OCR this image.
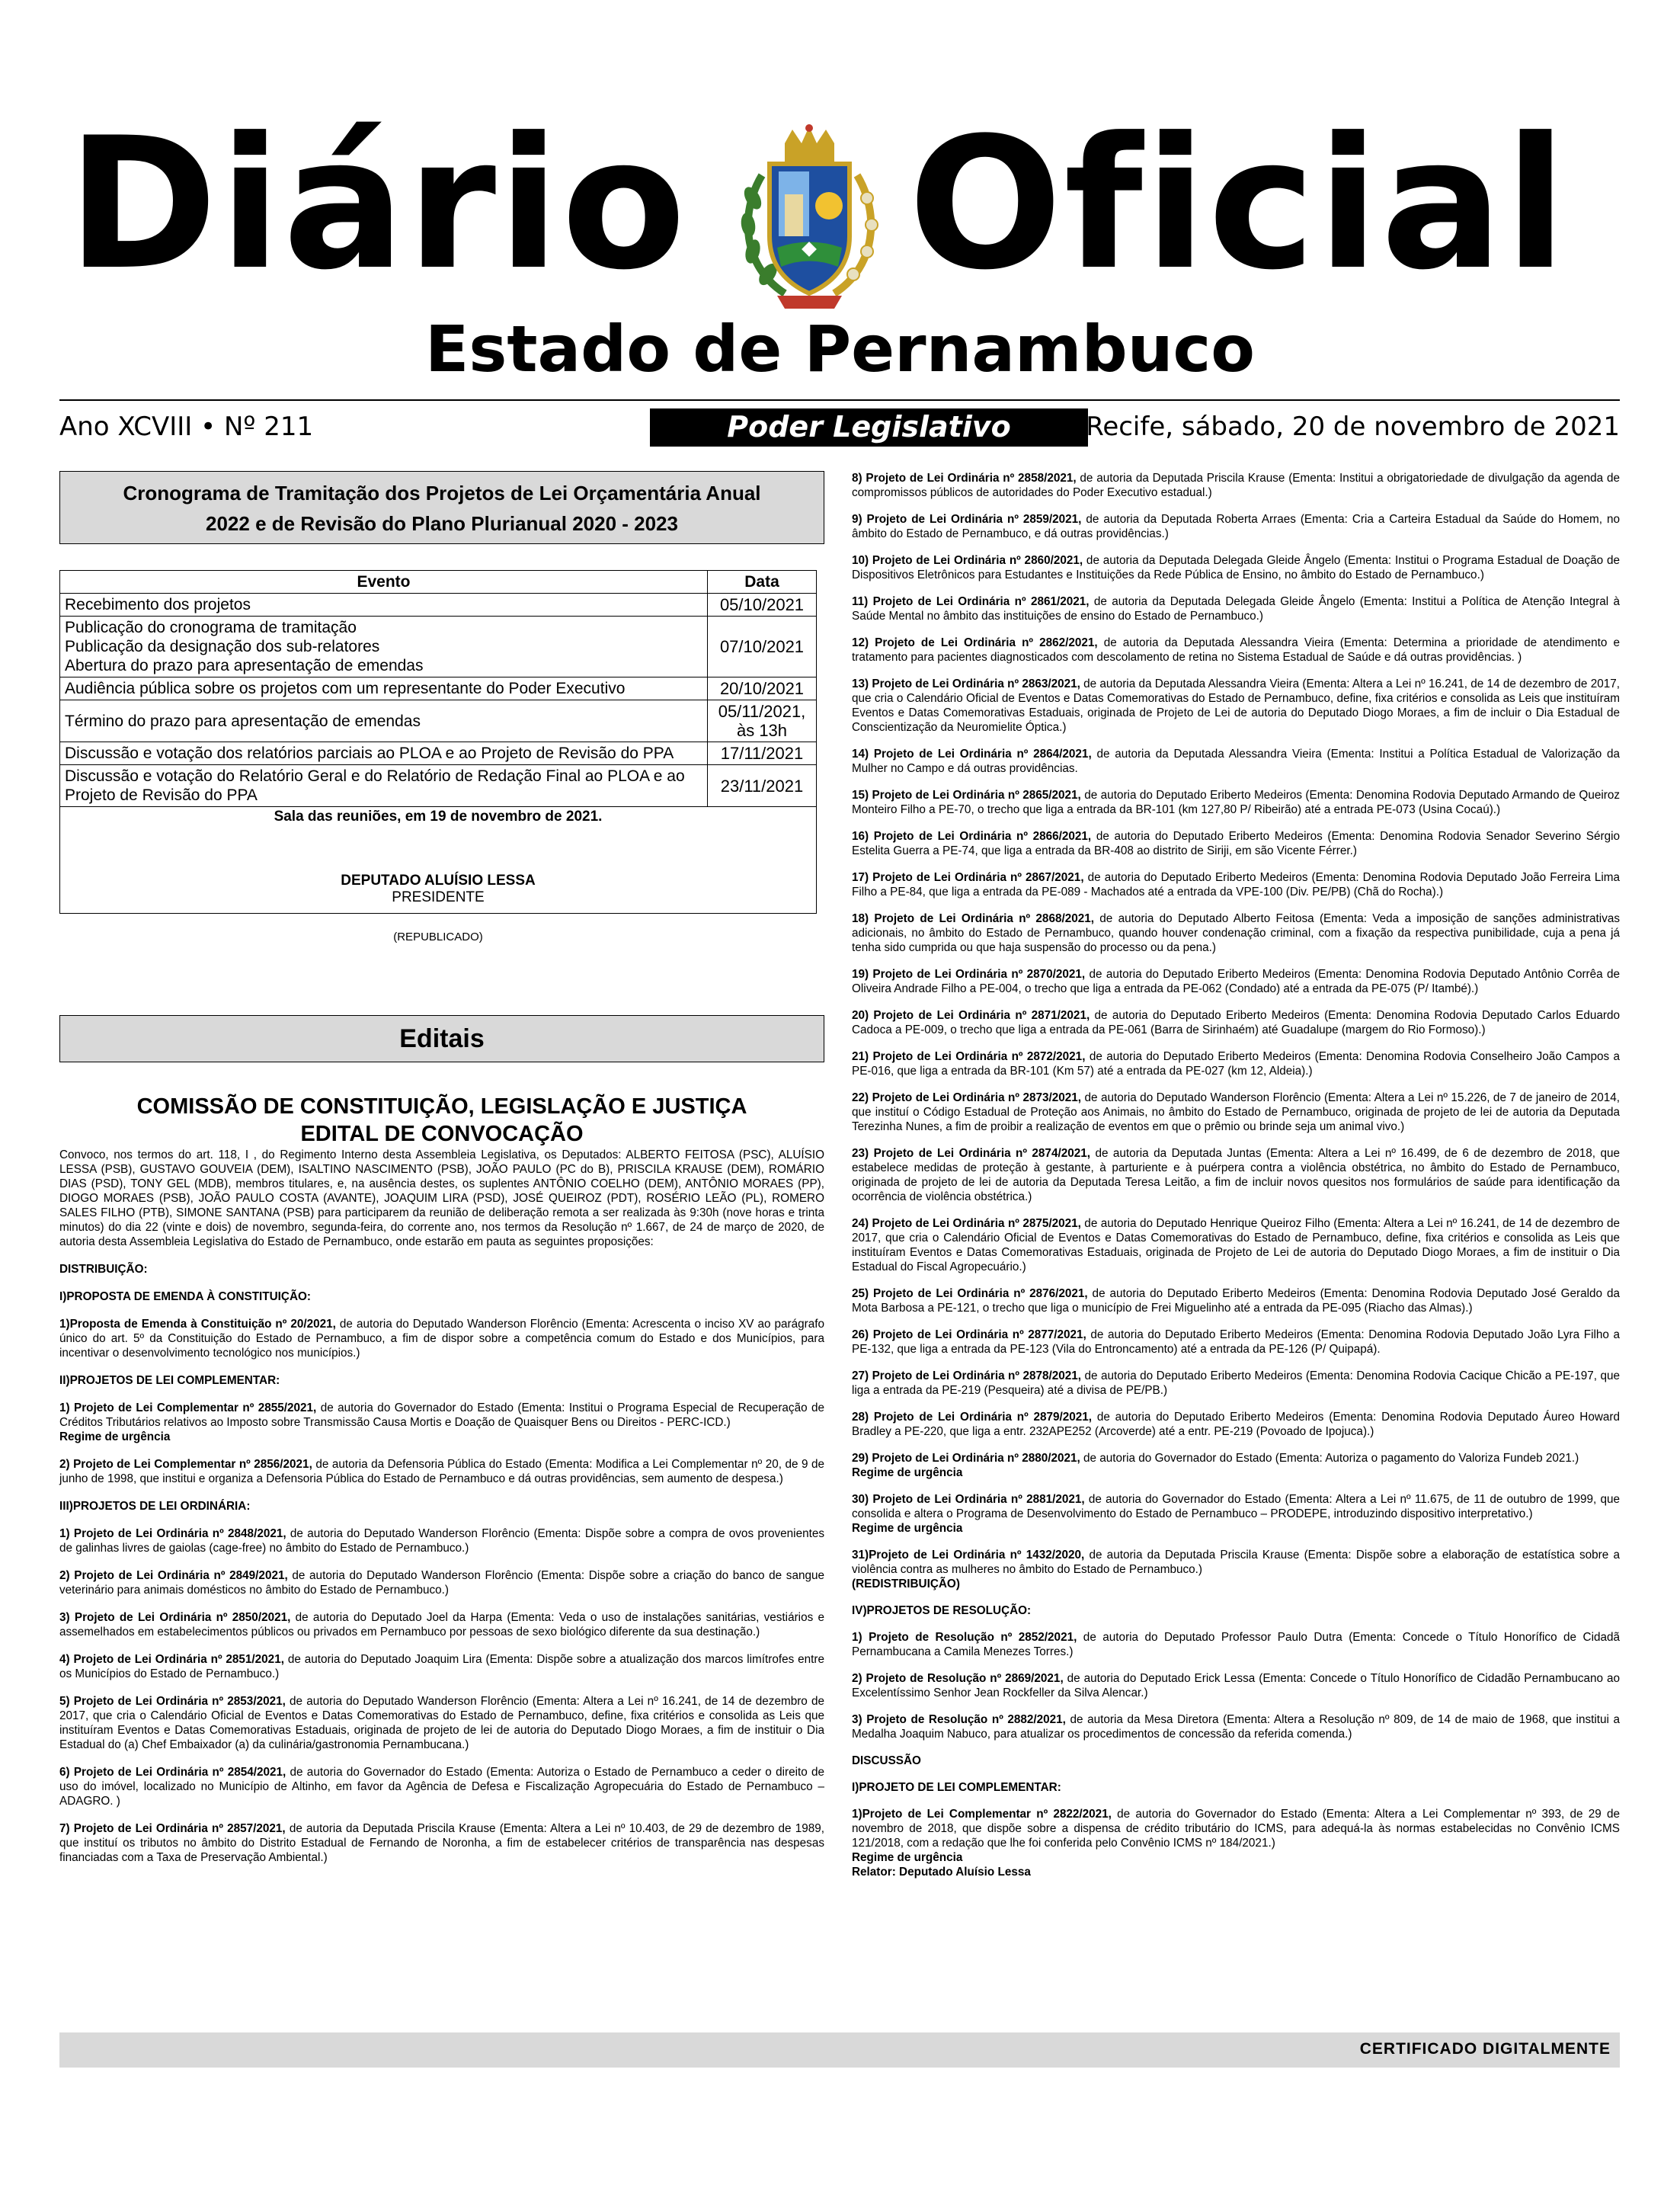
Diário Oficial
Estado de Pernambuco
Ano XCVIII • Nº 211	Poder Legislativo	Recife, sábado, 20 de novembro de 2021
Cronograma de Tramitação dos Projetos de Lei Orçamentária Anual
2022 e de Revisão do Plano Plurianual 2020 - 2023
Evento	Data

Recebimento dos projetos	05/10/2021

Publicação do cronograma de tramitação
Publicação da designação dos sub-relatores
Abertura do prazo para apresentação de emendas	07/10/2021

Audiência pública sobre os projetos com um representante do Poder Executivo	20/10/2021

Término do prazo para apresentação de emendas	05/11/2021,
às 13h

Discussão e votação dos relatórios parciais ao PLOA e ao Projeto de Revisão do PPA	17/11/2021

Discussão e votação do Relatório Geral e do Relatório de Redação Final ao PLOA e ao
Projeto de Revisão do PPA	23/11/2021
Sala das reuniões, em 19 de novembro de 2021.
DEPUTADO ALUÍSIO LESSA
PRESIDENTE
(REPUBLICADO)
Editais
COMISSÃO DE CONSTITUIÇÃO, LEGISLAÇÃO E JUSTIÇA
EDITAL DE CONVOCAÇÃO

Convoco, nos termos do art. 118, I , do Regimento Interno desta Assembleia Legislativa, os Deputados: ALBERTO FEITOSA (PSC), ALUÍSIO LESSA (PSB), GUSTAVO GOUVEIA (DEM), ISALTINO NASCIMENTO (PSB), JOÃO PAULO (PC do B), PRISCILA KRAUSE (DEM), ROMÁRIO DIAS (PSD), TONY GEL (MDB), membros titulares, e, na ausência destes, os suplentes ANTÔNIO COELHO (DEM), ANTÔNIO MORAES (PP), DIOGO MORAES (PSB), JOÃO PAULO COSTA (AVANTE), JOAQUIM LIRA (PSD), JOSÉ QUEIROZ (PDT), ROSÉRIO LEÃO (PL), ROMERO SALES FILHO (PTB), SIMONE SANTANA (PSB) para participarem da reunião de deliberação remota a ser realizada às 9:30h (nove horas e trinta minutos) do dia 22 (vinte e dois) de novembro, segunda-feira, do corrente ano, nos termos da Resolução nº 1.667, de 24 de março de 2020, de autoria desta Assembleia Legislativa do Estado de Pernambuco, onde estarão em pauta as seguintes proposições:

DISTRIBUIÇÃO:

I)PROPOSTA DE EMENDA À CONSTITUIÇÃO:

1)Proposta de Emenda à Constituição nº 20/2021, de autoria do Deputado Wanderson Florêncio (Ementa: Acrescenta o inciso XV ao parágrafo único do art. 5º da Constituição do Estado de Pernambuco, a fim de dispor sobre a competência comum do Estado e dos Municípios, para incentivar o desenvolvimento tecnológico nos municípios.)

II)PROJETOS DE LEI COMPLEMENTAR:

1) Projeto de Lei Complementar nº 2855/2021, de autoria do Governador do Estado (Ementa: Institui o Programa Especial de Recuperação de Créditos Tributários relativos ao Imposto sobre Transmissão Causa Mortis e Doação de Quaisquer Bens ou Direitos - PERC-ICD.)
Regime de urgência

2) Projeto de Lei Complementar nº 2856/2021, de autoria da Defensoria Pública do Estado (Ementa: Modifica a Lei Complementar nº 20, de 9 de junho de 1998, que institui e organiza a Defensoria Pública do Estado de Pernambuco e dá outras providências, sem aumento de despesa.)

III)PROJETOS DE LEI ORDINÁRIA:

1) Projeto de Lei Ordinária nº 2848/2021, de autoria do Deputado Wanderson Florêncio (Ementa: Dispõe sobre a compra de ovos provenientes de galinhas livres de gaiolas (cage-free) no âmbito do Estado de Pernambuco.)

2) Projeto de Lei Ordinária nº 2849/2021, de autoria do Deputado Wanderson Florêncio (Ementa: Dispõe sobre a criação do banco de sangue veterinário para animais domésticos no âmbito do Estado de Pernambuco.)

3) Projeto de Lei Ordinária nº 2850/2021, de autoria do Deputado Joel da Harpa (Ementa: Veda o uso de instalações sanitárias, vestiários e assemelhados em estabelecimentos públicos ou privados em Pernambuco por pessoas de sexo biológico diferente da sua destinação.)

4) Projeto de Lei Ordinária nº 2851/2021, de autoria do Deputado Joaquim Lira (Ementa: Dispõe sobre a atualização dos marcos limítrofes entre os Municípios do Estado de Pernambuco.)

5) Projeto de Lei Ordinária nº 2853/2021, de autoria do Deputado Wanderson Florêncio (Ementa: Altera a Lei nº 16.241, de 14 de dezembro de 2017, que cria o Calendário Oficial de Eventos e Datas Comemorativas do Estado de Pernambuco, define, fixa critérios e consolida as Leis que instituíram Eventos e Datas Comemorativas Estaduais, originada de projeto de lei de autoria do Deputado Diogo Moraes, a fim de instituir o Dia Estadual do (a) Chef Embaixador (a) da culinária/gastronomia Pernambucana.)

6) Projeto de Lei Ordinária nº 2854/2021, de autoria do Governador do Estado (Ementa: Autoriza o Estado de Pernambuco a ceder o direito de uso do imóvel, localizado no Município de Altinho, em favor da Agência de Defesa e Fiscalização Agropecuária do Estado de Pernambuco – ADAGRO. )

7) Projeto de Lei Ordinária nº 2857/2021, de autoria da Deputada Priscila Krause (Ementa: Altera a Lei nº 10.403, de 29 de dezembro de 1989, que instituí os tributos no âmbito do Distrito Estadual de Fernando de Noronha, a fim de estabelecer critérios de transparência nas despesas financiadas com a Taxa de Preservação Ambiental.)

8) Projeto de Lei Ordinária nº 2858/2021, de autoria da Deputada Priscila Krause (Ementa: Institui a obrigatoriedade de divulgação da agenda de compromissos públicos de autoridades do Poder Executivo estadual.)

9) Projeto de Lei Ordinária nº 2859/2021, de autoria da Deputada Roberta Arraes (Ementa: Cria a Carteira Estadual da Saúde do Homem, no âmbito do Estado de Pernambuco, e dá outras providências.)

10) Projeto de Lei Ordinária nº 2860/2021, de autoria da Deputada Delegada Gleide Ângelo (Ementa: Institui o Programa Estadual de Doação de Dispositivos Eletrônicos para Estudantes e Instituições da Rede Pública de Ensino, no âmbito do Estado de Pernambuco.)

11) Projeto de Lei Ordinária nº 2861/2021, de autoria da Deputada Delegada Gleide Ângelo (Ementa: Institui a Política de Atenção Integral à Saúde Mental no âmbito das instituições de ensino do Estado de Pernambuco.)

12) Projeto de Lei Ordinária nº 2862/2021, de autoria da Deputada Alessandra Vieira (Ementa: Determina a prioridade de atendimento e tratamento para pacientes diagnosticados com descolamento de retina no Sistema Estadual de Saúde e dá outras providências. )

13) Projeto de Lei Ordinária nº 2863/2021, de autoria da Deputada Alessandra Vieira (Ementa: Altera a Lei nº 16.241, de 14 de dezembro de 2017, que cria o Calendário Oficial de Eventos e Datas Comemorativas do Estado de Pernambuco, define, fixa critérios e consolida as Leis que instituíram Eventos e Datas Comemorativas Estaduais, originada de Projeto de Lei de autoria do Deputado Diogo Moraes, a fim de incluir o Dia Estadual de Conscientização da Neuromielite Óptica.)

14) Projeto de Lei Ordinária nº 2864/2021, de autoria da Deputada Alessandra Vieira (Ementa: Institui a Política Estadual de Valorização da Mulher no Campo e dá outras providências.

15) Projeto de Lei Ordinária nº 2865/2021, de autoria do Deputado Eriberto Medeiros (Ementa: Denomina Rodovia Deputado Armando de Queiroz Monteiro Filho a PE-70, o trecho que liga a entrada da BR-101 (km 127,80 P/ Ribeirão) até a entrada PE-073 (Usina Cocaú).)

16) Projeto de Lei Ordinária nº 2866/2021, de autoria do Deputado Eriberto Medeiros (Ementa: Denomina Rodovia Senador Severino Sérgio Estelita Guerra a PE-74, que liga a entrada da BR-408 ao distrito de Siriji, em são Vicente Férrer.)

17) Projeto de Lei Ordinária nº 2867/2021, de autoria do Deputado Eriberto Medeiros (Ementa: Denomina Rodovia Deputado João Ferreira Lima Filho a PE-84, que liga a entrada da PE-089 - Machados até a entrada da VPE-100 (Div. PE/PB) (Chã do Rocha).)

18) Projeto de Lei Ordinária nº 2868/2021, de autoria do Deputado Alberto Feitosa (Ementa: Veda a imposição de sanções administrativas adicionais, no âmbito do Estado de Pernambuco, quando houver condenação criminal, com a fixação da respectiva punibilidade, cuja a pena já tenha sido cumprida ou que haja suspensão do processo ou da pena.)

19) Projeto de Lei Ordinária nº 2870/2021, de autoria do Deputado Eriberto Medeiros (Ementa: Denomina Rodovia Deputado Antônio Corrêa de Oliveira Andrade Filho a PE-004, o trecho que liga a entrada da PE-062 (Condado) até a entrada da PE-075 (P/ Itambé).)

20) Projeto de Lei Ordinária nº 2871/2021, de autoria do Deputado Eriberto Medeiros (Ementa: Denomina Rodovia Deputado Carlos Eduardo Cadoca a PE-009, o trecho que liga a entrada da PE-061 (Barra de Sirinhaém) até Guadalupe (margem do Rio Formoso).)

21) Projeto de Lei Ordinária nº 2872/2021, de autoria do Deputado Eriberto Medeiros (Ementa: Denomina Rodovia Conselheiro João Campos a PE-016, que liga a entrada da BR-101 (Km 57) até a entrada da PE-027 (km 12, Aldeia).)

22) Projeto de Lei Ordinária nº 2873/2021, de autoria do Deputado Wanderson Florêncio (Ementa: Altera a Lei nº 15.226, de 7 de janeiro de 2014, que instituí o Código Estadual de Proteção aos Animais, no âmbito do Estado de Pernambuco, originada de projeto de lei de autoria da Deputada Terezinha Nunes, a fim de proibir a realização de eventos em que o prêmio ou brinde seja um animal vivo.)

23) Projeto de Lei Ordinária nº 2874/2021, de autoria da Deputada Juntas (Ementa: Altera a Lei nº 16.499, de 6 de dezembro de 2018, que estabelece medidas de proteção à gestante, à parturiente e à puérpera contra a violência obstétrica, no âmbito do Estado de Pernambuco, originada de projeto de lei de autoria da Deputada Teresa Leitão, a fim de incluir novos quesitos nos formulários de saúde para identificação da ocorrência de violência obstétrica.)

24) Projeto de Lei Ordinária nº 2875/2021, de autoria do Deputado Henrique Queiroz Filho (Ementa: Altera a Lei nº 16.241, de 14 de dezembro de 2017, que cria o Calendário Oficial de Eventos e Datas Comemorativas do Estado de Pernambuco, define, fixa critérios e consolida as Leis que instituíram Eventos e Datas Comemorativas Estaduais, originada de Projeto de Lei de autoria do Deputado Diogo Moraes, a fim de instituir o Dia Estadual do Fiscal Agropecuário.)

25) Projeto de Lei Ordinária nº 2876/2021, de autoria do Deputado Eriberto Medeiros (Ementa: Denomina Rodovia Deputado José Geraldo da Mota Barbosa a PE-121, o trecho que liga o município de Frei Miguelinho até a entrada da PE-095 (Riacho das Almas).)

26) Projeto de Lei Ordinária nº 2877/2021, de autoria do Deputado Eriberto Medeiros (Ementa: Denomina Rodovia Deputado João Lyra Filho a PE-132, que liga a entrada da PE-123 (Vila do Entroncamento) até a entrada da PE-126 (P/ Quipapá).

27) Projeto de Lei Ordinária nº 2878/2021, de autoria do Deputado Eriberto Medeiros (Ementa: Denomina Rodovia Cacique Chicão a PE-197, que liga a entrada da PE-219 (Pesqueira) até a divisa de PE/PB.)

28) Projeto de Lei Ordinária nº 2879/2021, de autoria do Deputado Eriberto Medeiros (Ementa: Denomina Rodovia Deputado Áureo Howard Bradley a PE-220, que liga a entr. 232APE252 (Arcoverde) até a entr. PE-219 (Povoado de Ipojuca).)

29) Projeto de Lei Ordinária nº 2880/2021, de autoria do Governador do Estado (Ementa: Autoriza o pagamento do Valoriza Fundeb 2021.)
Regime de urgência

30) Projeto de Lei Ordinária nº 2881/2021, de autoria do Governador do Estado (Ementa: Altera a Lei nº 11.675, de 11 de outubro de 1999, que consolida e altera o Programa de Desenvolvimento do Estado de Pernambuco – PRODEPE, introduzindo dispositivo interpretativo.)
Regime de urgência

31)Projeto de Lei Ordinária nº 1432/2020, de autoria da Deputada Priscila Krause (Ementa: Dispõe sobre a elaboração de estatística sobre a violência contra as mulheres no âmbito do Estado de Pernambuco.)
(REDISTRIBUIÇÃO)

IV)PROJETOS DE RESOLUÇÃO:

1) Projeto de Resolução nº 2852/2021, de autoria do Deputado Professor Paulo Dutra (Ementa: Concede o Título Honorífico de Cidadã Pernambucana a Camila Menezes Torres.)

2) Projeto de Resolução nº 2869/2021, de autoria do Deputado Erick Lessa (Ementa: Concede o Título Honorífico de Cidadão Pernambucano ao Excelentíssimo Senhor Jean Rockfeller da Silva Alencar.)

3) Projeto de Resolução nº 2882/2021, de autoria da Mesa Diretora (Ementa: Altera a Resolução nº 809, de 14 de maio de 1968, que institui a Medalha Joaquim Nabuco, para atualizar os procedimentos de concessão da referida comenda.)

DISCUSSÃO

I)PROJETO DE LEI COMPLEMENTAR:

1)Projeto de Lei Complementar nº 2822/2021, de autoria do Governador do Estado (Ementa: Altera a Lei Complementar nº 393, de 29 de novembro de 2018, que dispõe sobre a dispensa de crédito tributário do ICMS, para adequá-la às normas estabelecidas no Convênio ICMS 121/2018, com a redação que lhe foi conferida pelo Convênio ICMS nº 184/2021.)
Regime de urgência
Relator: Deputado Aluísio Lessa

CERTIFICADO DIGITALMENTE
